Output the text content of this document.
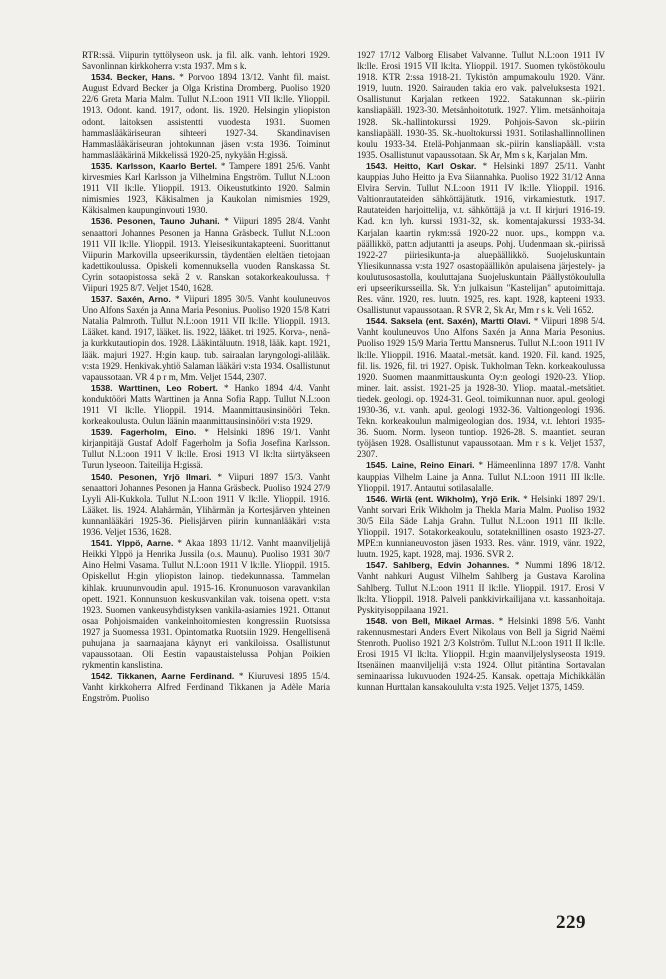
RTR:ssä. Viipurin tyttölyseon usk. ja fil. alk. vanh. lehtori 1929. Savonlinnan kirkkoherra v:sta 1937. Mm s k.

1534. Becker, Hans. * Porvoo 1894 13/12. Vanht fil. maist. August Edvard Becker ja Olga Kristina Dromberg. Puoliso 1920 22/6 Greta Maria Malm. Tullut N.L:oon 1911 VII lk:lle. Ylioppil. 1913. Odont. kand. 1917, odont. lis. 1920. Helsingin yliopiston odont. laitoksen assistentti vuodesta 1931. Suomen hammaslääkäriseuran sihteeri 1927-34. Skandinavisen Hammaslääkäriseuran johtokunnan jäsen v:sta 1936. Toiminut hammaslääkärinä Mikkelissä 1920-25, nykyään H:gissä.

1535. Karlsson, Kaarlo Bertel. * Tampere 1891 25/6. Vanht kirvesmies Karl Karlsson ja Vilhelmina Engström. Tullut N.L:oon 1911 VII lk:lle. Ylioppil. 1913. Oikeustutkinto 1920. Salmin nimismies 1923, Käkisalmen ja Kaukolan nimismies 1929, Käkisalmen kaupunginvouti 1930.

1536. Pesonen, Tauno Juhani. * Viipuri 1895 28/4. Vanht senaattori Johannes Pesonen ja Hanna Gräsbeck. Tullut N.L:oon 1911 VII lk:lle. Ylioppil. 1913. Yleisesikuntakapteeni. Suorittanut Viipurin Markovilla upseerikurssin, täydentäen eleltäen tietojaan kadettikoulussa. Opiskeli komennuksella vuoden Ranskassa St. Cyrin sotaopistossa sekä 2 v. Ranskan sotakorkeakoulussa. † Viipuri 1925 8/7. Veljet 1540, 1628.

1537. Saxén, Arno. * Viipuri 1895 30/5. Vanht kouluneuvos Uno Alfons Saxén ja Anna Maria Pesonius. Puoliso 1920 15/8 Katri Natalia Palmroth. Tullut N.L:oon 1911 VII lk:lle. Ylioppil. 1913. Lääket. kand. 1917, lääket. lis. 1922, lääket. tri 1925. Korva-, nenä- ja kurkkutautiopin dos. 1928. Lääkintäluutn. 1918, lääk. kapt. 1921, lääk. majuri 1927. H:gin kaup. tub. sairaalan laryngologi-alilääk. v:sta 1929. Henkivak.yhtiö Salaman lääkäri v:sta 1934. Osallistunut vapaussotaan. VR 4 p r m, Mm. Veljet 1544, 2307.

1538. Warttinen, Leo Robert. * Hanko 1894 4/4. Vanht konduktööri Matts Warttinen ja Anna Sofia Rapp. Tullut N.L:oon 1911 VI lk:lle. Ylioppil. 1914. Maanmittausinsinööri Tekn. korkeakoulusta. Oulun läänin maanmittausinsinööri v:sta 1929.

1539. Fagerholm, Eino. * Helsinki 1896 19/1. Vanht kirjanpitäjä Gustaf Adolf Fagerholm ja Sofia Josefina Karlsson. Tullut N.L:oon 1911 V lk:lle. Erosi 1913 VI lk:lta siirtyäkseen Turun lyseoon. Taiteilija H:gissä.

1540. Pesonen, Yrjö Ilmari. * Viipuri 1897 15/3. Vanht senaattori Johannes Pesonen ja Hanna Gräsbeck. Puoliso 1924 27/9 Lyyli Ali-Kukkola. Tullut N.L:oon 1911 V lk:lle. Ylioppil. 1916. Lääket. lis. 1924. Alahärmän, Ylihärmän ja Kortesjärven yhteinen kunnanlääkäri 1925-36. Pielisjärven piirin kunnanlääkäri v:sta 1936. Veljet 1536, 1628.

1541. Ylppö, Aarne. * Akaa 1893 11/12. Vanht maanviljelijä Heikki Ylppö ja Henrika Jussila (o.s. Maunu). Puoliso 1931 30/7 Aino Helmi Vasama. Tullut N.L:oon 1911 V lk:lle. Ylioppil. 1915. Opiskellut H:gin yliopiston lainop. tiedekunnassa. Tammelan kihlak. kruununvoudin apul. 1915-16. Kronunuoson varavankilan opett. 1921. Konnunsuon keskusvankilan vak. toisena opett. v:sta 1923. Suomen vankeusyhdistyksen vankila-asiamies 1921. Ottanut osaa Pohjoismaiden vankeinhoitomiesten kongressiin Ruotsissa 1927 ja Suomessa 1931. Opintomatka Ruotsiin 1929. Hengellisenä puhujana ja saarnaajana käynyt eri vankiloissa. Osallistunut vapaussotaan. Oli Eestin vapaustaistelussa Pohjan Poikien rykmentin kanslistina.

1542. Tikkanen, Aarne Ferdinand. * Kiuruvesi 1895 15/4. Vanht kirkkoherra Alfred Ferdinand Tikkanen ja Adèle Maria Engström. Puoliso

1927 17/12 Valborg Elisabet Valvanne. Tullut N.L:oon 1911 IV lk:lle. Erosi 1915 VII lk:lta. Ylioppil. 1917. Suomen tyköstökoulu 1918. KTR 2:ssa 1918-21. Tykistön ampumakoulu 1920. Vänr. 1919, luutn. 1920. Sairauden takia ero vak. palveluksesta 1921. Osallistunut Karjalan retkeen 1922. Satakunnan sk.-piirin kansliapääll. 1923-30. Metsänhoitotutk. 1927. Ylim. metsänhoitaja 1928. Sk.-hallintokurssi 1929. Pohjois-Savon sk.-piirin kansliapääll. 1930-35. Sk.-huoltokurssi 1931. Sotilashallinnollinen koulu 1933-34. Etelä-Pohjanmaan sk.-piirin kansliapääll. v:sta 1935. Osallistunut vapaussotaan. Sk Ar, Mm s k, Karjalan Mm.

1543. Heitto, Karl Oskar. * Helsinki 1897 25/11. Vanht kauppias Juho Heitto ja Eva Siiannahka. Puoliso 1922 31/12 Anna Elvira Servin. Tullut N.L:oon 1911 IV lk:lle. Ylioppil. 1916. Valtionrautateiden sähköttäjätutk. 1916, virkamiestutk. 1917. Rautateiden harjoittelija, v.t. sähköttäjä ja v.t. II kirjuri 1916-19. Kad. k:n lyh. kurssi 1931-32, sk. komentajakurssi 1933-34. Karjalan kaartin rykm:ssä 1920-22 nuor. ups., komppn v.a. päällikkö, patt:n adjutantti ja aseups. Pohj. Uudenmaan sk.-piirissä 1922-27 piiriesikunta-ja aluepäällikkö. Suojeluskuntain Yliesikunnassa v:sta 1927 osastopäällikön apulaisena järjestely- ja koulutusosastolla, kouluttajana Suojeluskuntain Päällystökoululla eri upseerikursseilla. Sk. Y:n julkaisun "Kastelijan" aputoimittaja. Res. vänr. 1920, res. luutn. 1925, res. kapt. 1928, kapteeni 1933. Osallistunut vapaussotaan. R SVR 2, Sk Ar, Mm r s k. Veli 1652.

1544. Saksela (ent. Saxén), Martti Olavi. * Viipuri 1898 5/4. Vanht kouluneuvos Uno Alfons Saxén ja Anna Maria Pesonius. Puoliso 1929 15/9 Maria Terttu Mansnerus. Tullut N.L:oon 1911 IV lk:lle. Ylioppil. 1916. Maatal.-metsät. kand. 1920. Fil. kand. 1925, fil. lis. 1926, fil. tri 1927. Opisk. Tukholman Tekn. korkeakoulussa 1920. Suomen maanmittauskunta Oy:n geologi 1920-23. Yliop. miner. lait. assist. 1921-25 ja 1928-30. Yliop. maatal.-metsätiet. tiedek. geologi. op. 1924-31. Geol. toimikunnan nuor. apul. geologi 1930-36, v.t. vanh. apul. geologi 1932-36. Valtiongeologi 1936. Tekn. korkeakoulun malmigeologian dos. 1934, v.t. lehtori 1935-36. Suom. Norm. lyseon tuntiop. 1926-28. S. maantiet. seuran työjäsen 1928. Osallistunut vapaussotaan. Mm r s k. Veljet 1537, 2307.

1545. Laine, Reino Einari. * Hämeenlinna 1897 17/8. Vanht kauppias Vilhelm Laine ja Anna. Tullut N.L:oon 1911 III lk:lle. Ylioppil. 1917. Antautui sotilasalalle.

1546. Wirlä (ent. Wikholm), Yrjö Erik. * Helsinki 1897 29/1. Vanht sorvari Erik Wikholm ja Thekla Maria Malm. Puoliso 1932 30/5 Eila Säde Lahja Grahn. Tullut N.L:oon 1911 III lk:lle. Ylioppil. 1917. Sotakorkeakoulu, sotateknillinen osasto 1923-27. MPE:n kunnianeuvoston jäsen 1933. Res. vänr. 1919, vänr. 1922, luutn. 1925, kapt. 1928, maj. 1936. SVR 2.

1547. Sahlberg, Edvin Johannes. * Nummi 1896 18/12. Vanht nahkuri August Vilhelm Sahlberg ja Gustava Karolina Sahlberg. Tullut N.L:oon 1911 II lk:lle. Ylioppil. 1917. Erosi V lk:lta. Ylioppil. 1918. Palveli pankkivirkailijana v.t. kassanhoitaja. Pyskityisoppilaana 1921.

1548. von Bell, Mikael Armas. * Helsinki 1898 5/6. Vanht rakennusmestari Anders Evert Nikolaus von Bell ja Sigrid Naëmi Stenroth. Puoliso 1921 2/3 Kolström. Tullut N.L:oon 1911 II lk:lle. Erosi 1915 VI lk:lta. Ylioppil. H:gin maanviljelyslyseosta 1919. Itsenäinen maanviljelijä v:sta 1924. Ollut pitäntina Sortavalan seminaarissa lukuvuoden 1924-25. Kansak. opettaja Michikkälän kunnan Hurttalan kansakoululta v:sta 1925. Veljet 1375, 1459.

229
